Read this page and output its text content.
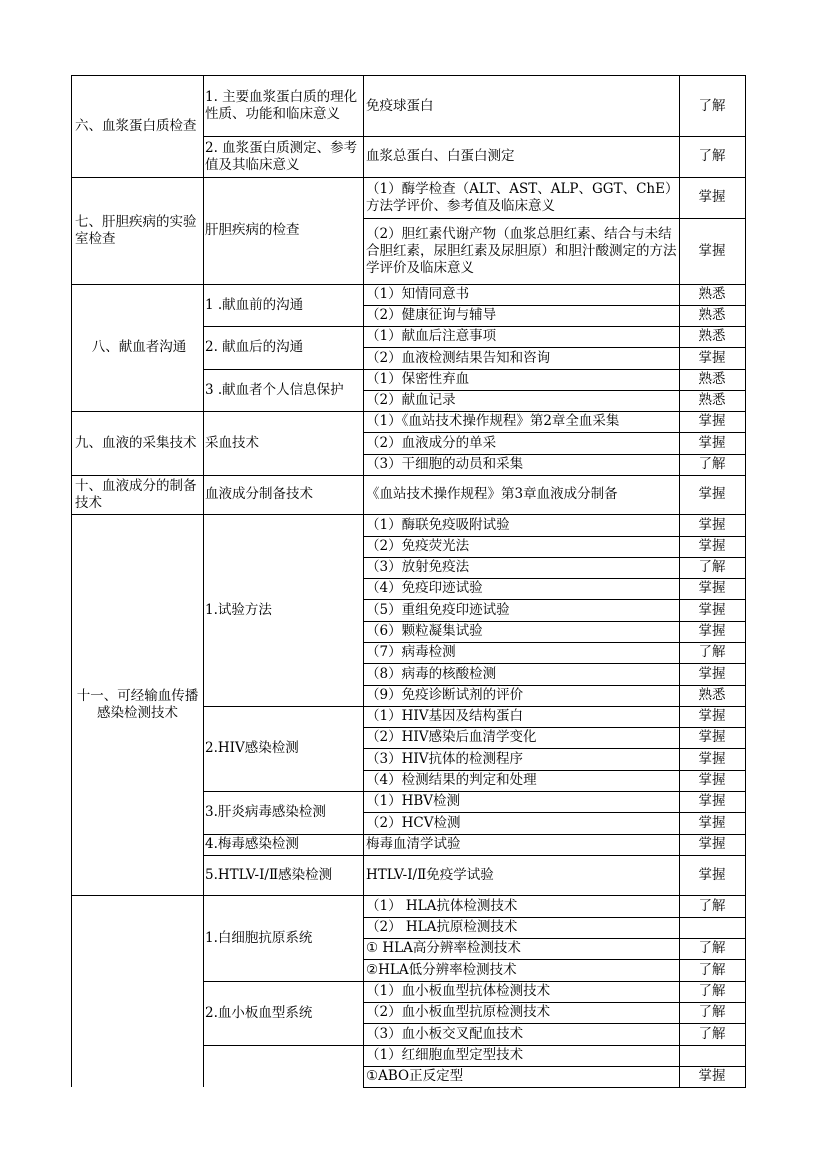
六、血浆蛋白质检查
七、肝胆疾病的实验室检查
八、献血者沟通
九、血液的采集技术
十、血液成分的制备技术
十一、可经输血传播感染检测技术
1. 主要血浆蛋白质的理化性质、功能和临床意义
2. 血浆蛋白质测定、参考值及其临床意义
肝胆疾病的检查
1 .献血前的沟通
2. 献血后的沟通
3 .献血者个人信息保护
采血技术
血液成分制备技术
1.试验方法
2.HIV感染检测
3.肝炎病毒感染检测
4.梅毒感染检测
5.HTLV-Ⅰ/Ⅱ感染检测
1.白细胞抗原系统
2.血小板血型系统
免疫球蛋白
血浆总蛋白、白蛋白测定
（1）酶学检查（ALT、AST、ALP、GGT、ChE）方法学评价、参考值及临床意义
（2）胆红素代谢产物（血浆总胆红素、结合与未结合胆红素，尿胆红素及尿胆原）和胆汁酸测定的方法学评价及临床意义
（1）知情同意书
（2）健康征询与辅导
（1）献血后注意事项
（2）血液检测结果告知和咨询
（1）保密性弃血
（2）献血记录
（1）《血站技术操作规程》第2章全血采集
（2）血液成分的单采
（3）干细胞的动员和采集
《血站技术操作规程》第3章血液成分制备
（1）酶联免疫吸附试验
（2）免疫荧光法
（3）放射免疫法
（4）免疫印迹试验
（5）重组免疫印迹试验
（6）颗粒凝集试验
（7）病毒检测
（8）病毒的核酸检测
（9）免疫诊断试剂的评价
（1）HIV基因及结构蛋白
（2）HIV感染后血清学变化
（3）HIV抗体的检测程序
（4）检测结果的判定和处理
（1）HBV检测
（2）HCV检测
梅毒血清学试验
HTLV-Ⅰ/Ⅱ免疫学试验
（1） HLA抗体检测技术
（2） HLA抗原检测技术
① HLA高分辨率检测技术
②HLA低分辨率检测技术
（1）血小板血型抗体检测技术
（2）血小板血型抗原检测技术
（3）血小板交叉配血技术
（1）红细胞血型定型技术
①ABO正反定型
了解
了解
掌握
掌握
熟悉
熟悉
熟悉
掌握
熟悉
熟悉
掌握
掌握
了解
掌握
掌握
掌握
了解
掌握
掌握
掌握
了解
掌握
熟悉
掌握
掌握
掌握
掌握
掌握
掌握
掌握
掌握
了解
了解
了解
了解
了解
了解
掌握
